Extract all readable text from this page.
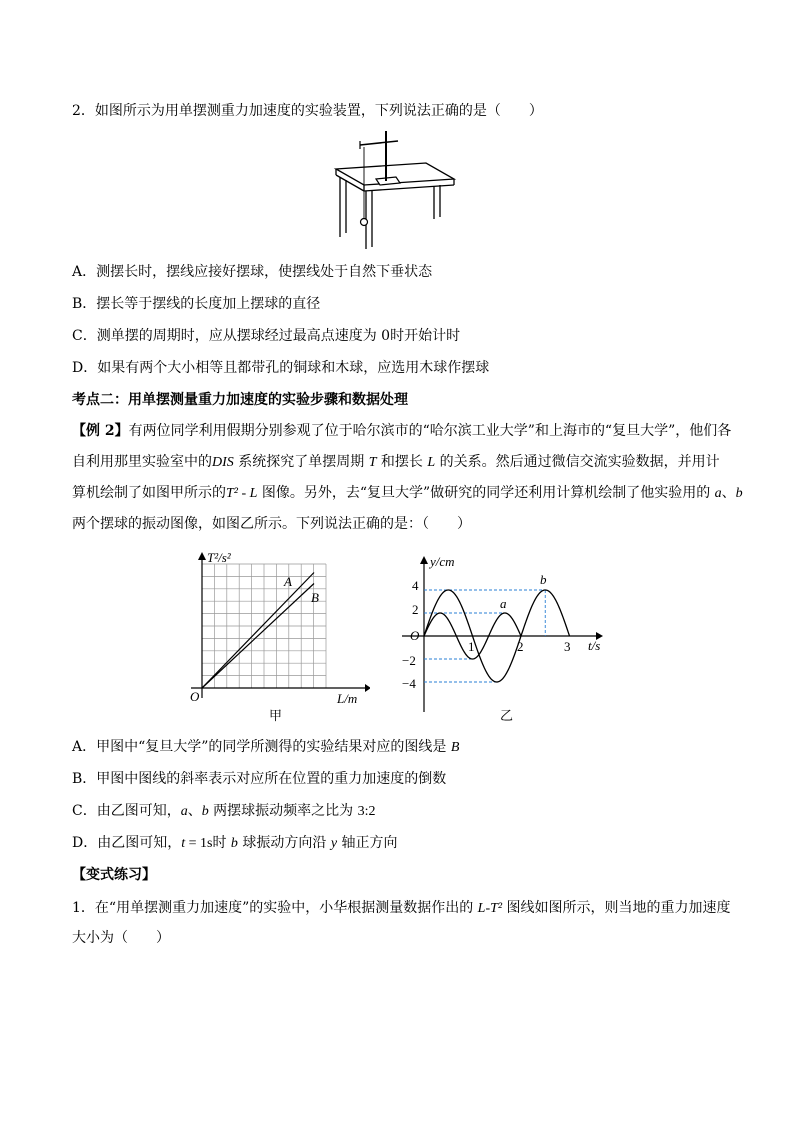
2．如图所示为用单摆测重力加速度的实验装置，下列说法正确的是（　　）
A．测摆长时，摆线应接好摆球，使摆线处于自然下垂状态
B．摆长等于摆线的长度加上摆球的直径
C．测单摆的周期时，应从摆球经过最高点速度为 0时开始计时
D．如果有两个大小相等且都带孔的铜球和木球，应选用木球作摆球
考点二：用单摆测量重力加速度的实验步骤和数据处理
【例 2】有两位同学利用假期分别参观了位于哈尔滨市的“哈尔滨工业大学”和上海市的“复旦大学”，他们各
自利用那里实验室中的DIS 系统探究了单摆周期 T 和摆长 L 的关系。然后通过微信交流实验数据，并用计
算机绘制了如图甲所示的T² - L 图像。另外，去“复旦大学”做研究的同学还利用计算机绘制了他实验用的 a、b
两个摆球的振动图像，如图乙所示。下列说法正确的是：（　　）
A
B
T²/s²
L/m
O
甲
a
b
y/cm
t/s
O
4
2
−2
−4
1	2	3
乙
A．甲图中“复旦大学”的同学所测得的实验结果对应的图线是 B
B．甲图中图线的斜率表示对应所在位置的重力加速度的倒数
C．由乙图可知，a、b 两摆球振动频率之比为 3:2
D．由乙图可知，t = 1s时 b 球振动方向沿 y 轴正方向
【变式练习】
1．在“用单摆测重力加速度”的实验中，小华根据测量数据作出的 L-T² 图线如图所示，则当地的重力加速度
大小为（　　）
